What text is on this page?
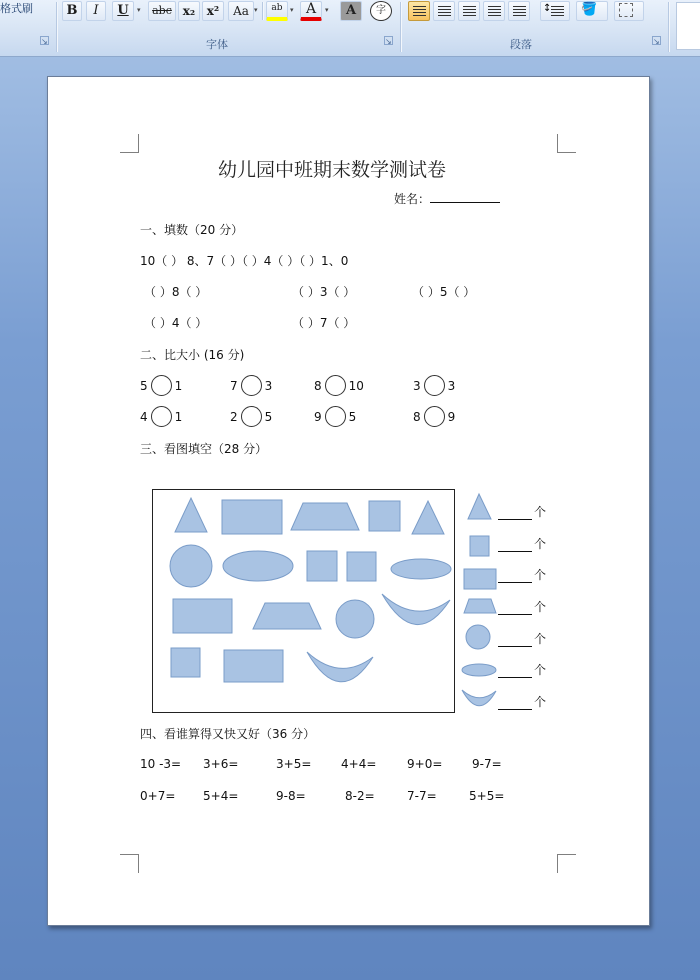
格式刷
↘
B	I	U	▾	abc x₂ x²	Aa ▾	ab	▾ A	▾	A	字
字体	↘
↕ 🪣
段落	↘
幼儿园中班期末数学测试卷
姓名：
一、填数（20 分）
10（ ） 8、7（ ）（ ）4（ ）（ ）1、0
（ ）8（ ）	（ ）3（ ）	（ ）5（ ）
（ ）4（ ）	（ ）7（ ）
二、比大小 (16 分)
5 1	7 3	8 10	3 3
4 1	2 5	9 5	8 9
三、看图填空（28 分）
个
个
个
个
个
个
个
四、看谁算得又快又好（36 分）
10 -3= 3+6=	3+5= 4+4=	9+0= 9-7=
0+7= 5+4=	9-8=	8-2=	7-7=	5+5=
